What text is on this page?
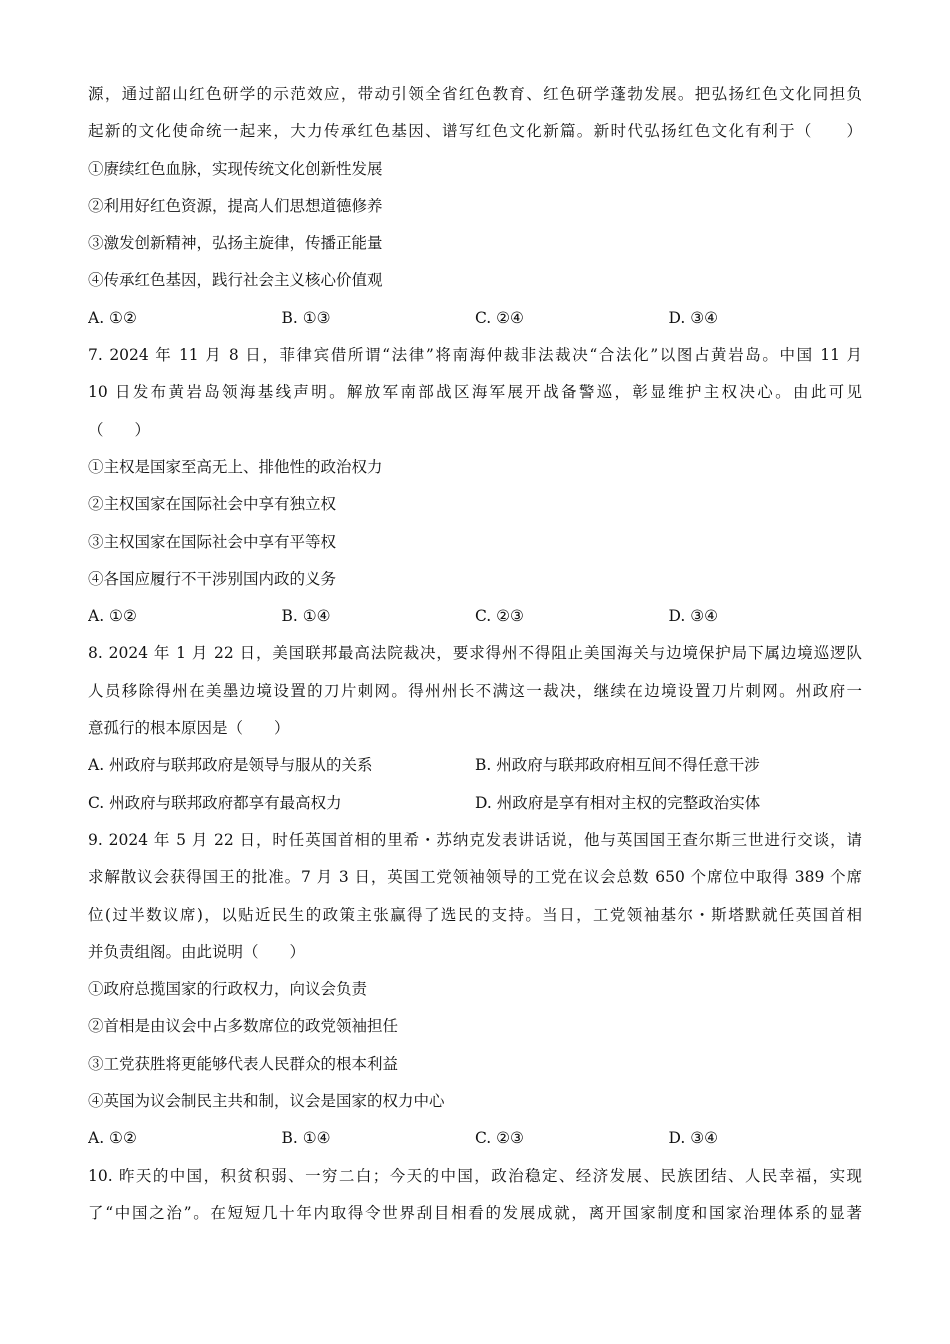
源，通过韶山红色研学的示范效应，带动引领全省红色教育、红色研学蓬勃发展。把弘扬红色文化同担负
起新的文化使命统一起来，大力传承红色基因、谱写红色文化新篇。新时代弘扬红色文化有利于（　　）
①赓续红色血脉，实现传统文化创新性发展
②利用好红色资源，提高人们思想道德修养
③激发创新精神，弘扬主旋律，传播正能量
④传承红色基因，践行社会主义核心价值观
A. ①②	B. ①③	C. ②④	D. ③④
7. 2024 年 11 月 8 日，菲律宾借所谓“法律”将南海仲裁非法裁决“合法化”以图占黄岩岛。中国 11 月
10 日发布黄岩岛领海基线声明。解放军南部战区海军展开战备警巡，彰显维护主权决心。由此可见
（　　）
①主权是国家至高无上、排他性的政治权力
②主权国家在国际社会中享有独立权
③主权国家在国际社会中享有平等权
④各国应履行不干涉别国内政的义务
A. ①②	B. ①④	C. ②③	D. ③④
8. 2024 年 1 月 22 日，美国联邦最高法院裁决，要求得州不得阻止美国海关与边境保护局下属边境巡逻队
人员移除得州在美墨边境设置的刀片刺网。得州州长不满这一裁决，继续在边境设置刀片刺网。州政府一
意孤行的根本原因是（　　）
A. 州政府与联邦政府是领导与服从的关系	B. 州政府与联邦政府相互间不得任意干涉
C. 州政府与联邦政府都享有最高权力	D. 州政府是享有相对主权的完整政治实体
9. 2024 年 5 月 22 日，时任英国首相的里希・苏纳克发表讲话说，他与英国国王查尔斯三世进行交谈，请
求解散议会获得国王的批准。7 月 3 日，英国工党领袖领导的工党在议会总数 650 个席位中取得 389 个席
位(过半数议席)，以贴近民生的政策主张赢得了选民的支持。当日，工党领袖基尔・斯塔默就任英国首相
并负责组阁。由此说明（　　）
①政府总揽国家的行政权力，向议会负责
②首相是由议会中占多数席位的政党领袖担任
③工党获胜将更能够代表人民群众的根本利益
④英国为议会制民主共和制，议会是国家的权力中心
A. ①②	B. ①④	C. ②③	D. ③④
10. 昨天的中国，积贫积弱、一穷二白；今天的中国，政治稳定、经济发展、民族团结、人民幸福，实现
了“中国之治”。在短短几十年内取得令世界刮目相看的发展成就，离开国家制度和国家治理体系的显著
